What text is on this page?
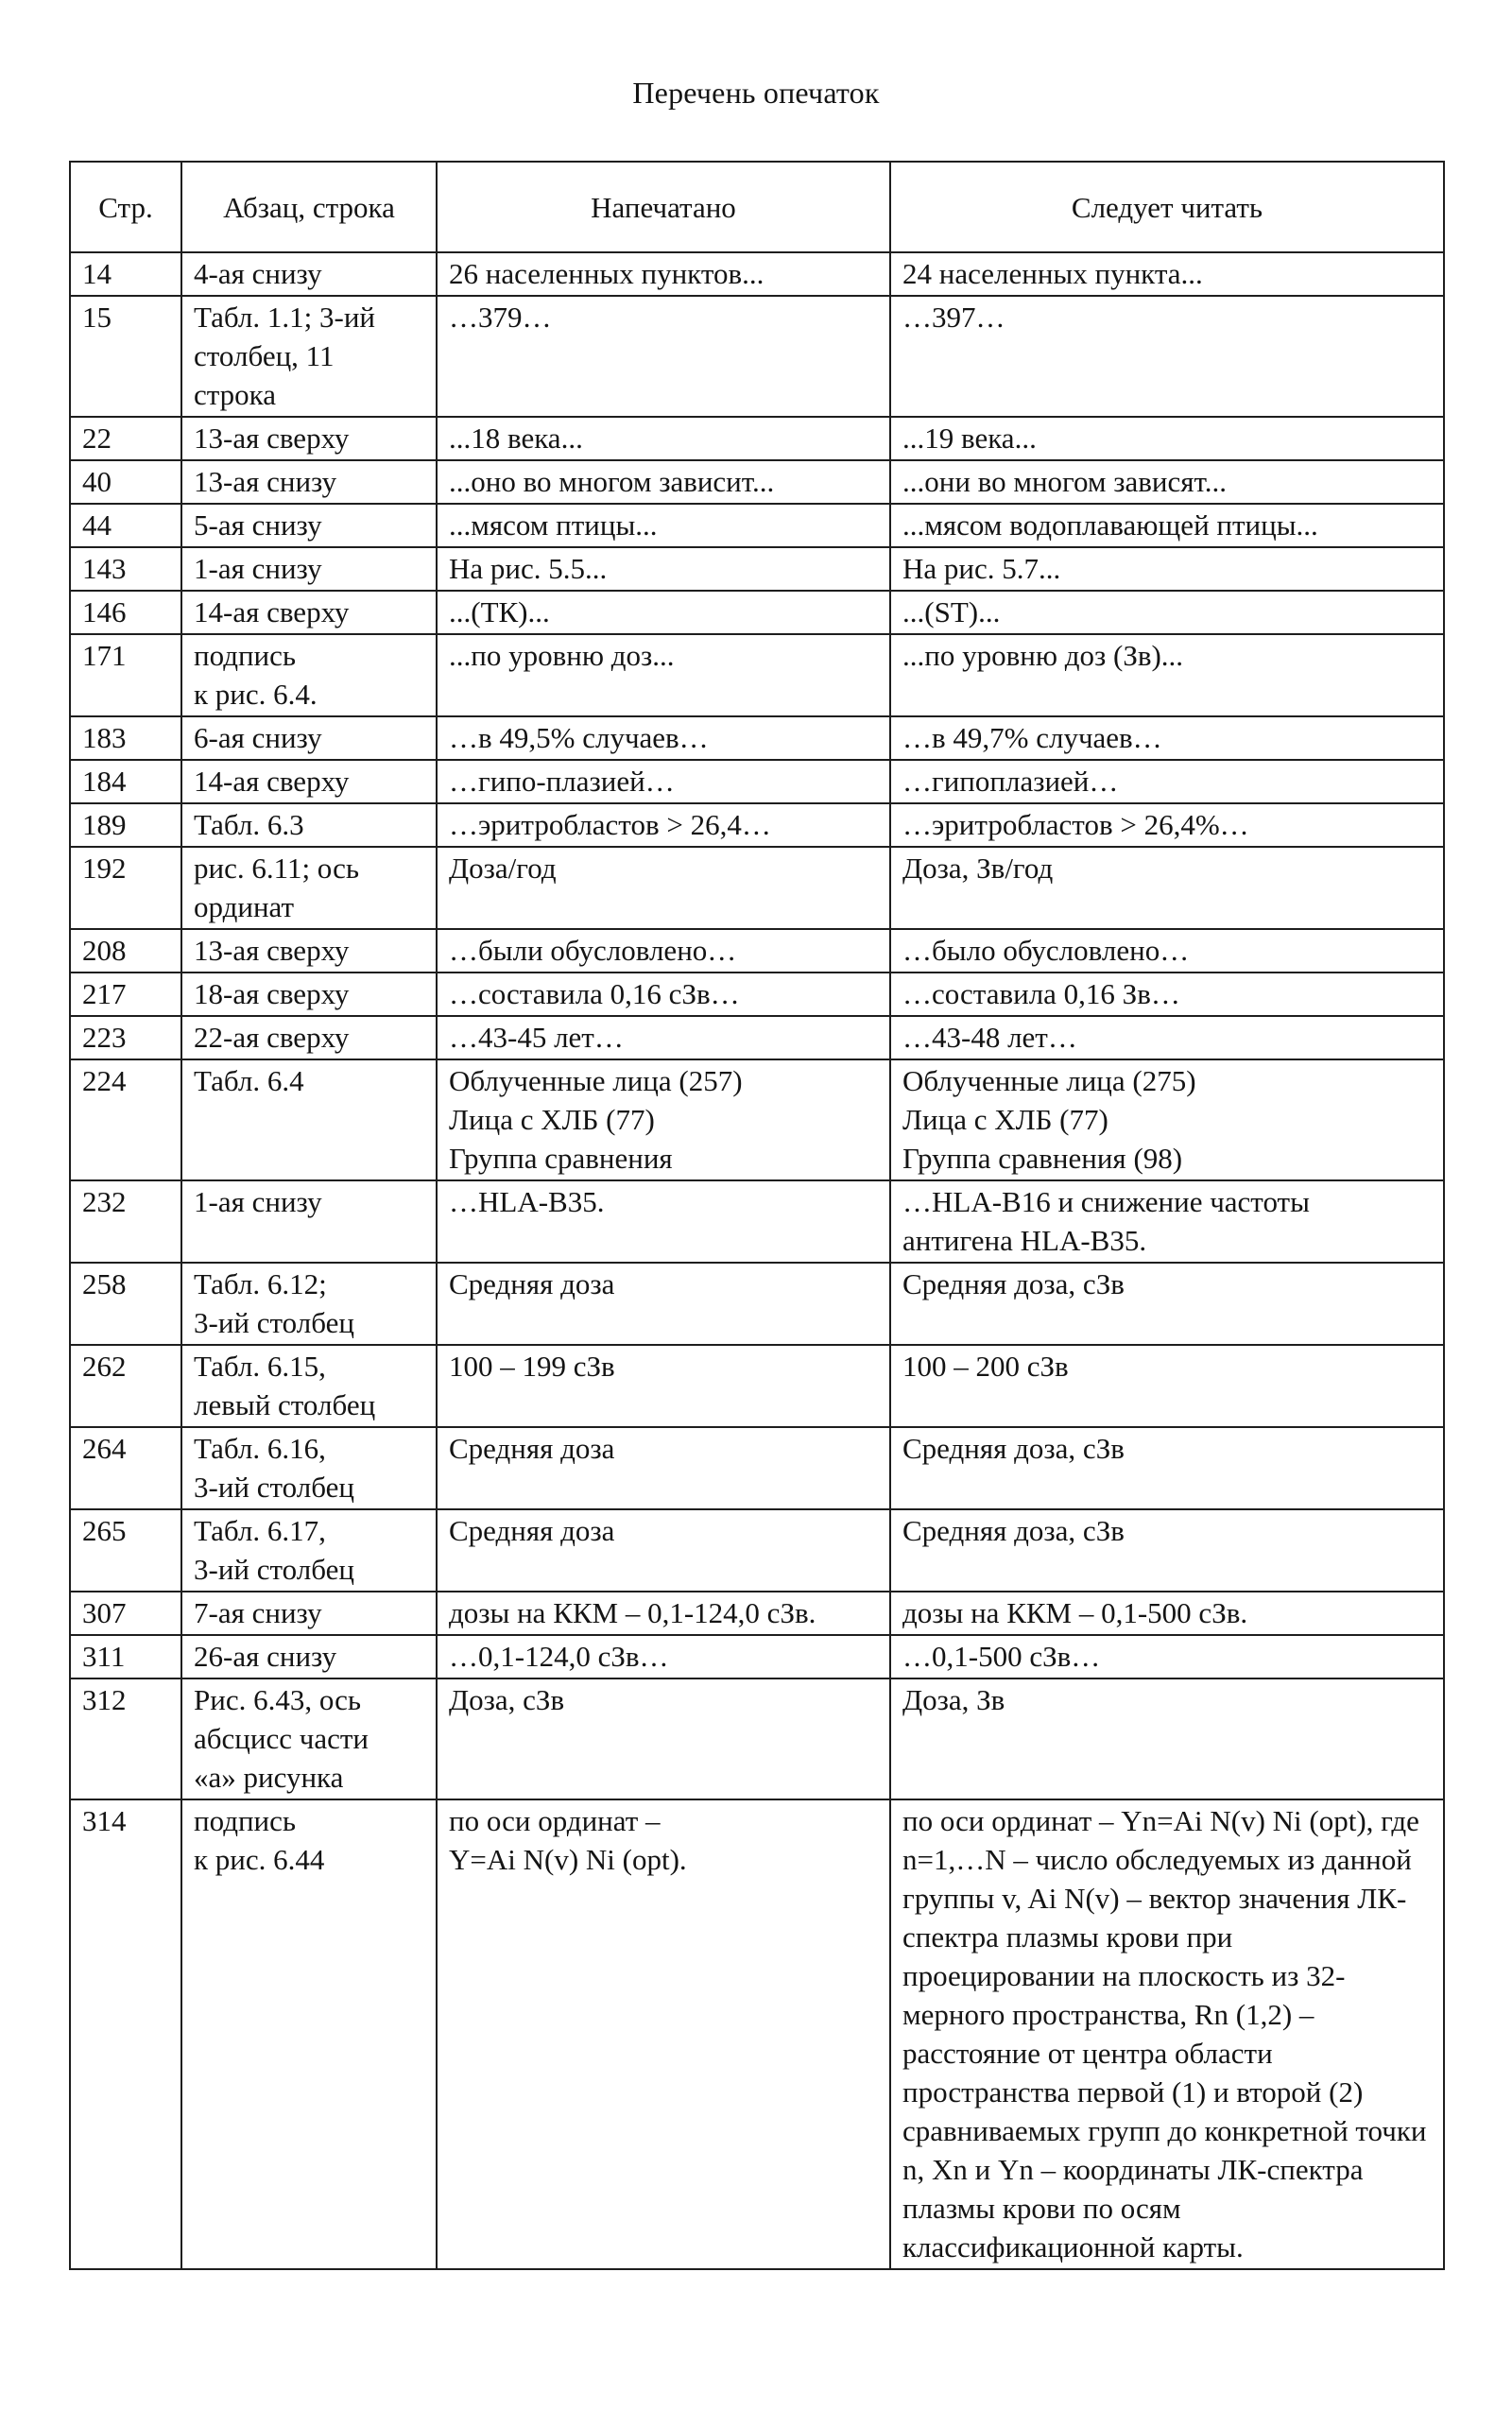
Перечень опечаток
Стр.	Абзац, строка	Напечатано	Следует читать
14	4-ая снизу	26 населенных пунктов...	24 населенных пункта...
15	Табл. 1.1; 3-ий
столбец, 11
строка	…379…	…397…
22	13-ая сверху	...18 века...	...19 века...
40	13-ая снизу	...оно во многом зависит...	...они во многом зависят...
44	5-ая снизу	...мясом птицы...	...мясом водоплавающей птицы...
143	1-ая снизу	На рис. 5.5...	На рис. 5.7...
146	14-ая сверху	...(ТК)...	...(ST)...
171	подпись
к рис. 6.4.	...по уровню доз...	...по уровню доз (Зв)...
183	6-ая снизу	…в 49,5% случаев…	…в 49,7% случаев…
184	14-ая сверху	…гипо-плазией…	…гипоплазией…
189	Табл. 6.3	…эритробластов > 26,4…	…эритробластов > 26,4%…
192	рис. 6.11; ось
ординат	Доза/год	Доза, Зв/год
208	13-ая сверху	…были обусловлено…	…было обусловлено…
217	18-ая сверху	…составила 0,16 сЗв…	…составила 0,16 Зв…
223	22-ая сверху	…43-45 лет…	…43-48 лет…
224	Табл. 6.4	Облученные лица (257)
Лица с ХЛБ (77)
Группа сравнения	Облученные лица (275)
Лица с ХЛБ (77)
Группа сравнения (98)
232	1-ая снизу	…HLA-B35.	…HLA-B16 и снижение частоты
антигена HLA-B35.
258	Табл. 6.12;
3-ий столбец	Средняя доза	Средняя доза, сЗв
262	Табл. 6.15,
левый столбец	100 – 199 сЗв	100 – 200 сЗв
264	Табл. 6.16,
3-ий столбец	Средняя доза	Средняя доза, сЗв
265	Табл. 6.17,
3-ий столбец	Средняя доза	Средняя доза, сЗв
307	7-ая снизу	дозы на ККМ – 0,1-124,0 сЗв.	дозы на ККМ – 0,1-500 сЗв.
311	26-ая снизу	…0,1-124,0 сЗв…	…0,1-500 сЗв…
312	Рис. 6.43, ось
абсцисс части
«а» рисунка	Доза, сЗв	Доза, Зв
314	подпись
к рис. 6.44	по оси ординат –
Y=Ai N(v) Ni (opt).	по оси ординат – Yn=Ai N(v) Ni (opt), где n=1,…N – число обследуемых из данной группы v, Ai N(v) – вектор значения ЛК-спектра плазмы крови при проецировании на плоскость из 32-мерного пространства, Rn (1,2) – расстояние от центра области пространства первой (1) и второй (2) сравниваемых групп до конкретной точки n, Xn и Yn – координаты ЛК-спектра плазмы крови по осям классификационной карты.
